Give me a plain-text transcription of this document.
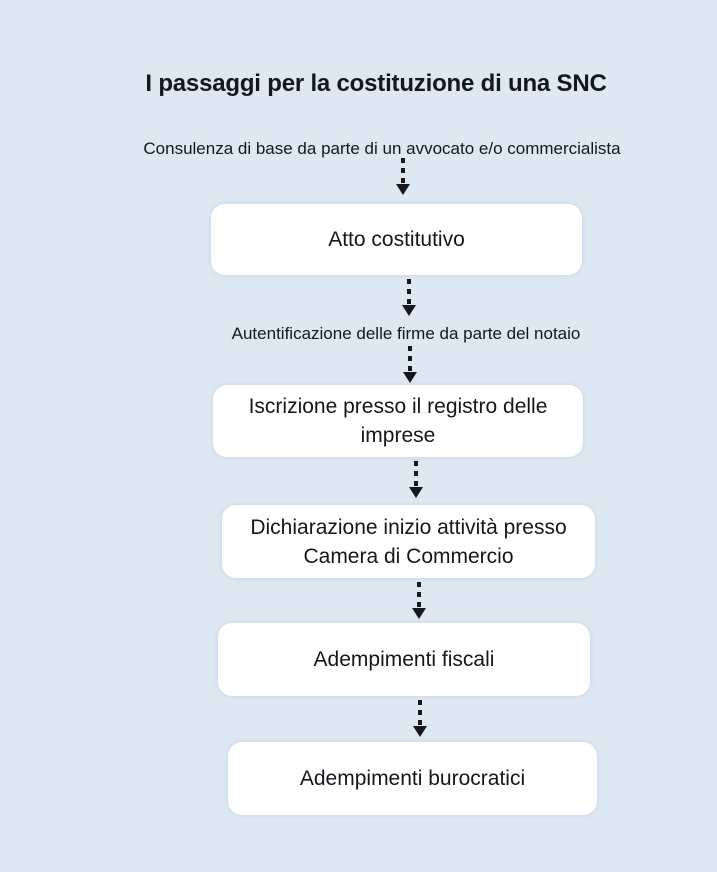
I passaggi per la costituzione di una SNC
Consulenza di base da parte di un avvocato e/o commercialista
Atto costitutivo
Autentificazione delle firme da parte del notaio
Iscrizione presso il registro delle imprese
Dichiarazione inizio attività presso Camera di Commercio
Adempimenti fiscali
Adempimenti burocratici
